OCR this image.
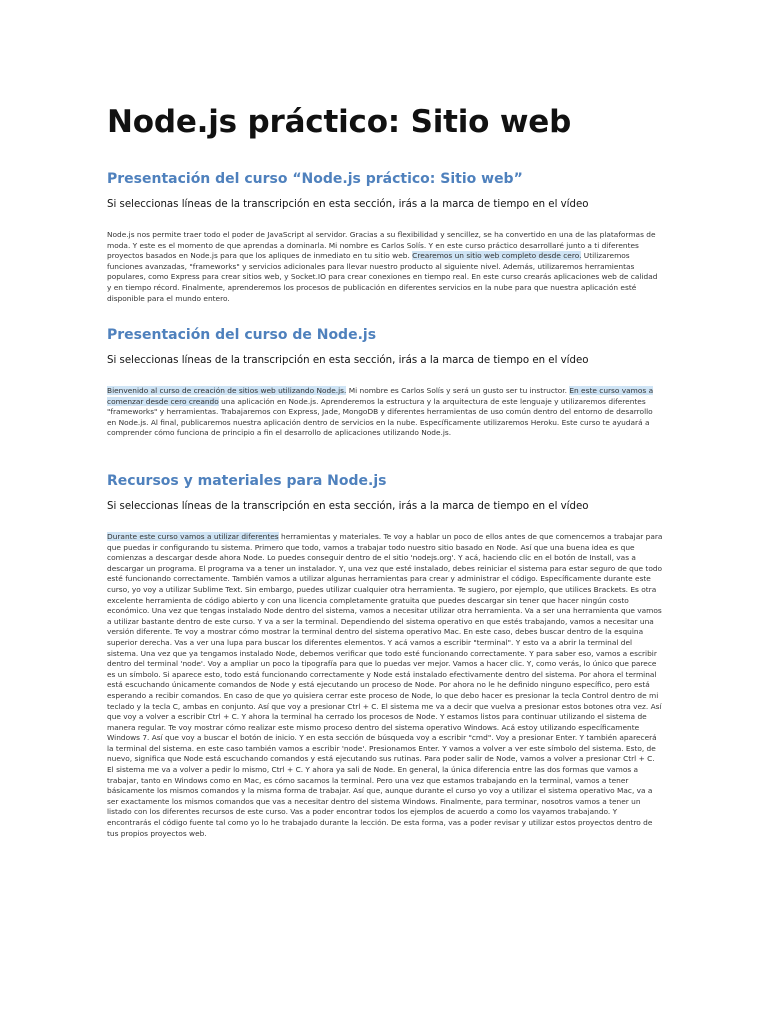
Node.js práctico: Sitio web
Presentación del curso “Node.js práctico: Sitio web”

Si seleccionas líneas de la transcripción en esta sección, irás a la marca de tiempo en el vídeo

Node.js nos permite traer todo el poder de JavaScript al servidor. Gracias a su flexibilidad y sencillez, se ha convertido en una de las plataformas de moda. Y este es el momento de que aprendas a dominarla. Mi nombre es Carlos Solís. Y en este curso práctico desarrollaré junto a ti diferentes proyectos basados en Node.js para que los apliques de inmediato en tu sitio web. Crearemos un sitio web completo desde cero. Utilizaremos funciones avanzadas, "frameworks" y servicios adicionales para llevar nuestro producto al siguiente nivel. Además, utilizaremos herramientas populares, como Express para crear sitios web, y Socket.IO para crear conexiones en tiempo real. En este curso crearás aplicaciones web de calidad y en tiempo récord. Finalmente, aprenderemos los procesos de publicación en diferentes servicios en la nube para que nuestra aplicación esté disponible para el mundo entero.

Presentación del curso de Node.js

Si seleccionas líneas de la transcripción en esta sección, irás a la marca de tiempo en el vídeo

Bienvenido al curso de creación de sitios web utilizando Node.js. Mi nombre es Carlos Solís y será un gusto ser tu instructor. En este curso vamos a comenzar desde cero creando una aplicación en Node.js. Aprenderemos la estructura y la arquitectura de este lenguaje y utilizaremos diferentes "frameworks" y herramientas. Trabajaremos con Express, Jade, MongoDB y diferentes herramientas de uso común dentro del entorno de desarrollo en Node.js. Al final, publicaremos nuestra aplicación dentro de servicios en la nube. Específicamente utilizaremos Heroku. Este curso te ayudará a comprender cómo funciona de principio a fin el desarrollo de aplicaciones utilizando Node.js.

Recursos y materiales para Node.js

Si seleccionas líneas de la transcripción en esta sección, irás a la marca de tiempo en el vídeo

Durante este curso vamos a utilizar diferentes herramientas y materiales. Te voy a hablar un poco de ellos antes de que comencemos a trabajar para que puedas ir configurando tu sistema. Primero que todo, vamos a trabajar todo nuestro sitio basado en Node. Así que una buena idea es que comienzas a descargar desde ahora Node. Lo puedes conseguir dentro de el sitio 'nodejs.org'. Y acá, haciendo clic en el botón de Install, vas a descargar un programa. El programa va a tener un instalador. Y, una vez que esté instalado, debes reiniciar el sistema para estar seguro de que todo esté funcionando correctamente. También vamos a utilizar algunas herramientas para crear y administrar el código. Específicamente durante este curso, yo voy a utilizar Sublime Text. Sin embargo, puedes utilizar cualquier otra herramienta. Te sugiero, por ejemplo, que utilices Brackets. Es otra excelente herramienta de código abierto y con una licencia completamente gratuita que puedes descargar sin tener que hacer ningún costo económico. Una vez que tengas instalado Node dentro del sistema, vamos a necesitar utilizar otra herramienta. Va a ser una herramienta que vamos a utilizar bastante dentro de este curso. Y va a ser la terminal. Dependiendo del sistema operativo en que estés trabajando, vamos a necesitar una versión diferente. Te voy a mostrar cómo mostrar la terminal dentro del sistema operativo Mac. En este caso, debes buscar dentro de la esquina superior derecha. Vas a ver una lupa para buscar los diferentes elementos. Y acá vamos a escribir "terminal". Y esto va a abrir la terminal del sistema. Una vez que ya tengamos instalado Node, debemos verificar que todo esté funcionando correctamente. Y para saber eso, vamos a escribir dentro del terminal 'node'. Voy a ampliar un poco la tipografía para que lo puedas ver mejor. Vamos a hacer clic. Y, como verás, lo único que parece es un símbolo. Si aparece esto, todo está funcionando correctamente y Node está instalado efectivamente dentro del sistema. Por ahora el terminal está escuchando únicamente comandos de Node y está ejecutando un proceso de Node. Por ahora no le he definido ninguno específico, pero está esperando a recibir comandos. En caso de que yo quisiera cerrar este proceso de Node, lo que debo hacer es presionar la tecla Control dentro de mi teclado y la tecla C, ambas en conjunto. Así que voy a presionar Ctrl + C. El sistema me va a decir que vuelva a presionar estos botones otra vez. Así que voy a volver a escribir Ctrl + C. Y ahora la terminal ha cerrado los procesos de Node. Y estamos listos para continuar utilizando el sistema de manera regular. Te voy mostrar cómo realizar este mismo proceso dentro del sistema operativo Windows. Acá estoy utilizando específicamente Windows 7. Así que voy a buscar el botón de inicio. Y en esta sección de búsqueda voy a escribir "cmd". Voy a presionar Enter. Y también aparecerá la terminal del sistema. en este caso también vamos a escribir 'node'. Presionamos Enter. Y vamos a volver a ver este símbolo del sistema. Esto, de nuevo, significa que Node está escuchando comandos y está ejecutando sus rutinas. Para poder salir de Node, vamos a volver a presionar Ctrl + C. El sistema me va a volver a pedir lo mismo, Ctrl + C. Y ahora ya sali de Node. En general, la única diferencia entre las dos formas que vamos a trabajar, tanto en Windows como en Mac, es cómo sacamos la terminal. Pero una vez que estamos trabajando en la terminal, vamos a tener básicamente los mismos comandos y la misma forma de trabajar. Así que, aunque durante el curso yo voy a utilizar el sistema operativo Mac, va a ser exactamente los mismos comandos que vas a necesitar dentro del sistema Windows. Finalmente, para terminar, nosotros vamos a tener un listado con los diferentes recursos de este curso. Vas a poder encontrar todos los ejemplos de acuerdo a como los vayamos trabajando. Y encontrarás el código fuente tal como yo lo he trabajado durante la lección. De esta forma, vas a poder revisar y utilizar estos proyectos dentro de tus propios proyectos web.
